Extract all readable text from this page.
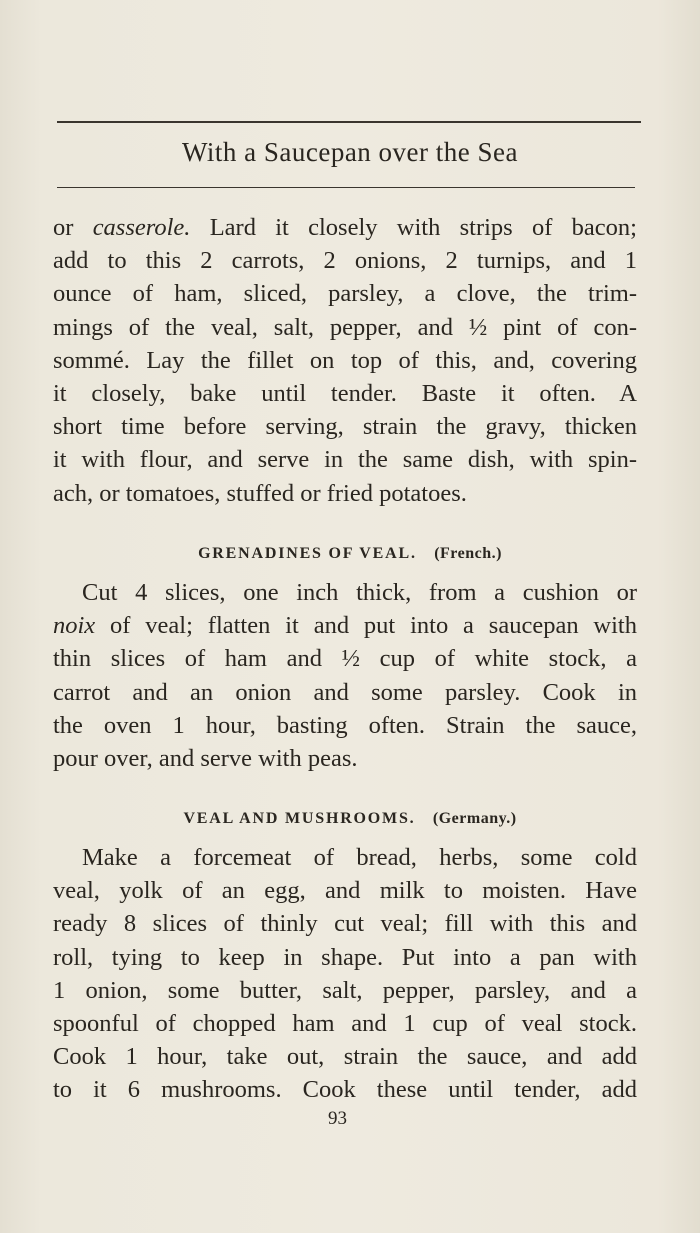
With a Saucepan over the Sea
or casserole. Lard it closely with strips of bacon;
add to this 2 carrots, 2 onions, 2 turnips, and 1
ounce of ham, sliced, parsley, a clove, the trim-
mings of the veal, salt, pepper, and ½ pint of con-
sommé. Lay the fillet on top of this, and, covering
it closely, bake until tender. Baste it often. A
short time before serving, strain the gravy, thicken
it with flour, and serve in the same dish, with spin-
ach, or tomatoes, stuffed or fried potatoes.
GRENADINES OF VEAL. (French.)
Cut 4 slices, one inch thick, from a cushion or
noix of veal; flatten it and put into a saucepan with
thin slices of ham and ½ cup of white stock, a
carrot and an onion and some parsley. Cook in
the oven 1 hour, basting often. Strain the sauce,
pour over, and serve with peas.
VEAL AND MUSHROOMS. (Germany.)
Make a forcemeat of bread, herbs, some cold
veal, yolk of an egg, and milk to moisten. Have
ready 8 slices of thinly cut veal; fill with this and
roll, tying to keep in shape. Put into a pan with
1 onion, some butter, salt, pepper, parsley, and a
spoonful of chopped ham and 1 cup of veal stock.
Cook 1 hour, take out, strain the sauce, and add
to it 6 mushrooms. Cook these until tender, add
93
